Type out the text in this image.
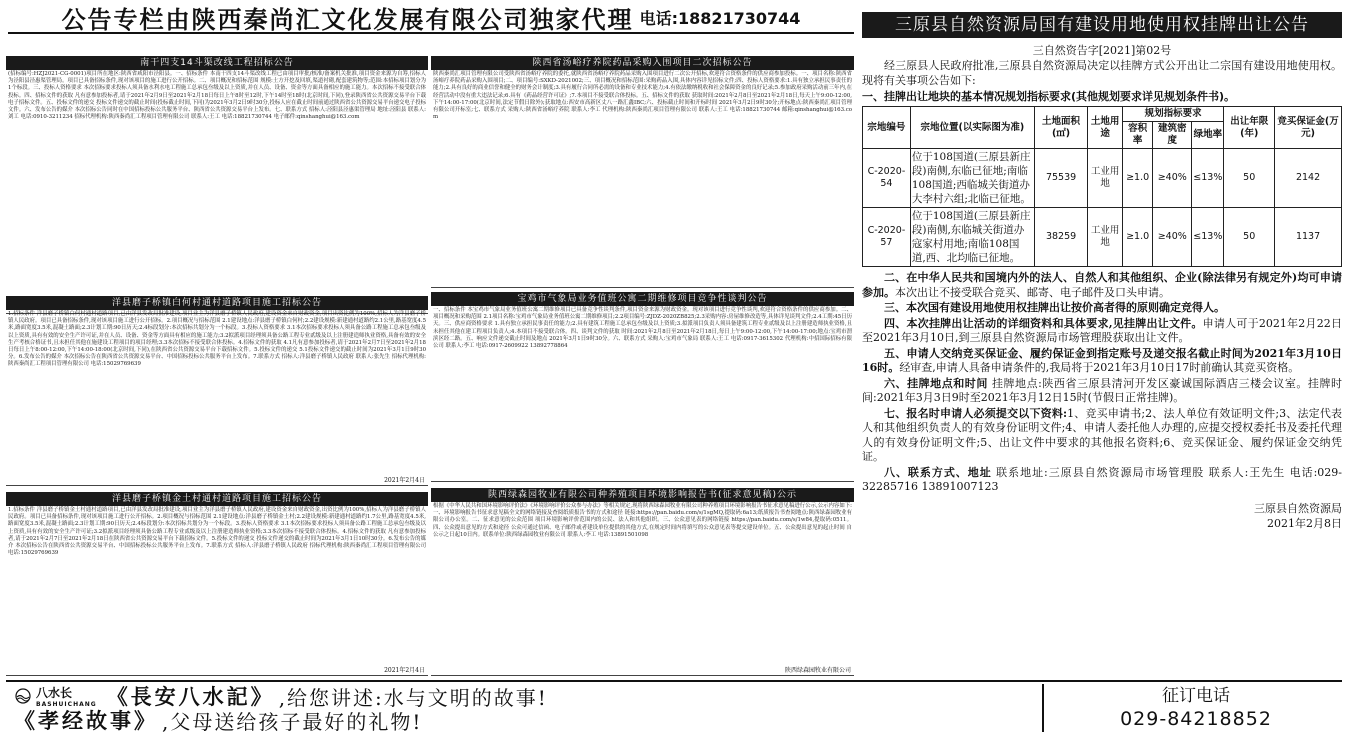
公告专栏由陕西秦尚汇文化发展有限公司独家代理 电话:18821730744
南干四支14斗渠改线工程招标公告
(招标编号:HZJ2021-CG-0001)项目所在地区:陕西省咸阳市泾阳县。一、招标条件 本南干四支14斗渠改线工程已由项目审批/核准/备案机关批准,项目资金来源为自筹,招标人为泾阳县泾惠渠管理局。项目已具备招标条件,现对该项目的施工进行公开招标。二、项目概况和招标范围 规模:土方开挖及回填,渠道衬砌,配套建筑物等;范围:本招标项目划分为1个标段。三、投标人资格要求 本次招标要求投标人须具备水利水电工程施工总承包叁级及以上资质,并在人员、设备、资金等方面具备相应的施工能力。本次招标不接受联合体投标。四、招标文件的获取 凡有意参加投标者,请于2021年2月9日至2021年2月18日每日上午8时至12时,下午14时至18时(北京时间,下同),登录陕西省公共资源交易平台下载电子招标文件。五、投标文件的递交 投标文件递交的截止时间(投标截止时间,下同)为2021年3月2日9时30分,投标人应在截止时间前通过陕西省公共资源交易平台递交电子投标文件。六、发布公告的媒介 本次招标公告同时在中国招标投标公共服务平台、陕西省公共资源交易平台上发布。七、联系方式 招标人:泾阳县泾惠渠管理局 地址:泾阳县 联系人:刘工 电话:0910-3211234 招标代理机构:陕西秦尚汇工程项目管理有限公司 联系人:王工 电话:18821730744 电子邮件:qinshanghui@163.com
洋县磨子桥镇白何村通村道路项目施工招标公告
1.招标条件 洋县磨子桥镇白何村通村道路项目,已由洋县发改局批准建设,项目业主为洋县磨子桥镇人民政府,建设资金来自财政资金,项目出资比例为100%,招标人为洋县磨子桥镇人民政府。项目已具备招标条件,现对该项目施工进行公开招标。2.项目概况与招标范围 2.1建设地点:洋县磨子桥镇白何村;2.2建设规模:新建通村道路约2.1公里,路基宽度4.5米,路面宽度3.5米,混凝土路面;2.3计划工期:90日历天;2.4标段划分:本次招标共划分为一个标段。3.投标人资格要求 3.1本次招标要求投标人须具备公路工程施工总承包叁级及以上资质,具有有效的安全生产许可证,并在人员、设备、资金等方面具有相应的施工能力;3.2拟派项目经理须具备公路工程专业贰级及以上注册建造师执业资格,具备有效的安全生产考核合格证书,且未担任其他在施建设工程项目的项目经理;3.3本次招标不接受联合体投标。4.招标文件的获取 4.1凡有意参加投标者,请于2021年2月7日至2021年2月18日每日上午8:00-12:00,下午14:00-18:00(北京时间,下同),在陕西省公共资源交易平台下载招标文件。5.投标文件的递交 5.1投标文件递交的截止时间为2021年3月1日9时30分。6.发布公告的媒介 本次招标公告在陕西省公共资源交易平台、中国招标投标公共服务平台上发布。7.联系方式 招标人:洋县磨子桥镇人民政府 联系人:张先生 招标代理机构:陕西秦尚汇工程项目管理有限公司 电话:15029769639
2021年2月4日
洋县磨子桥镇金土村通村道路项目施工招标公告
1.招标条件 洋县磨子桥镇金土村通村道路项目,已由洋县发改局批准建设,项目业主为洋县磨子桥镇人民政府,建设资金来自财政资金,出资比例为100%,招标人为洋县磨子桥镇人民政府。项目已具备招标条件,现对该项目施工进行公开招标。2.项目概况与招标范围 2.1建设地点:洋县磨子桥镇金土村;2.2建设规模:新建通村道路约1.7公里,路基宽度4.5米,路面宽度3.5米,混凝土路面;2.3计划工期:90日历天;2.4标段划分:本次招标共划分为一个标段。3.投标人资格要求 3.1本次招标要求投标人须具备公路工程施工总承包叁级及以上资质,具有有效的安全生产许可证;3.2拟派项目经理须具备公路工程专业贰级及以上注册建造师执业资格;3.3本次招标不接受联合体投标。4.招标文件的获取 凡有意参加投标者,请于2021年2月7日至2021年2月18日在陕西省公共资源交易平台下载招标文件。5.投标文件的递交 投标文件递交的截止时间为2021年3月1日10时30分。6.发布公告的媒介 本次招标公告在陕西省公共资源交易平台、中国招标投标公共服务平台上发布。7.联系方式 招标人:洋县磨子桥镇人民政府 招标代理机构:陕西秦尚汇工程项目管理有限公司 电话:15029769639
2021年2月4日
陕西省汤峪疗养院药品采购入围项目二次招标公告
陕西秦尚汇项目管理有限公司受陕西省汤峪疗养院的委托,就陕西省汤峪疗养院药品采购入围项目进行二次公开招标,欢迎符合资格条件的供应商参加投标。一、项目名称:陕西省汤峪疗养院药品采购入围项目;二、项目编号:SXKD-2021002;三、项目概况和招标范围:采购药品入围,具体内容详见招标文件;四、投标人资格要求:1.具有独立承担民事责任的能力;2.具有良好的商业信誉和健全的财务会计制度;3.具有履行合同所必需的设备和专业技术能力;4.有依法缴纳税收和社会保障资金的良好记录;5.参加政府采购活动前三年内,在经营活动中没有重大违法记录;6.具有《药品经营许可证》;7.本项目不接受联合体投标。五、招标文件的获取 获取时间:2021年2月8日至2021年2月18日,每天上午9:00-12:00,下午14:00-17:00(北京时间,法定节假日除外);获取地点:西安市高新区丈八一路汇鑫IBC;六、投标截止时间和开标时间 2021年3月2日9时30分;开标地点:陕西秦尚汇项目管理有限公司开标室;七、联系方式 采购人:陕西省汤峪疗养院 联系人:李工 代理机构:陕西秦尚汇项目管理有限公司 联系人:王工 电话:18821730744 邮箱:qinshanghui@163.com
宝鸡市气象局业务值班公寓二期维修项目竞争性谈判公告
一、招标条件 本宝鸡市气象局业务值班公寓二期维修项目已具备竞争性谈判条件,项目资金来源为财政资金。现对该项目进行竞争性谈判,欢迎符合资格条件的供应商参加。二、项目概况和采购范围 2.1项目名称:宝鸡市气象局业务值班公寓二期维修项目;2.2项目编号:ZJDZ-2020ZB825;2.3采购内容:房屋维修改造等,具体详见谈判文件;2.4工期:45日历天。三、供应商资格要求 1.具有独立承担民事责任的能力;2.具有建筑工程施工总承包叁级及以上资质;3.拟派项目负责人须具备建筑工程专业贰级及以上注册建造师执业资格,且未担任其他在建工程项目负责人;4.本项目不接受联合体。四、谈判文件的获取 时间:2021年2月8日至2021年2月18日,每日上午9:00-12:00,下午14:00-17:00;地点:宝鸡市渭滨区经二路。五、响应文件递交截止时间及地点 2021年3月1日9时30分。六、联系方式 采购人:宝鸡市气象局 联系人:王工 电话:0917-3615302 代理机构:中招国际招标有限公司 联系人:李工 电话:0917-2609922 13892778864
陕西绿森园牧业有限公司种养殖项目环境影响报告书(征求意见稿)公示
根据《中华人民共和国环境影响评价法》《环境影响评价公众参与办法》等相关规定,现将陕西绿森园牧业有限公司种养殖项目环境影响报告书征求意见稿进行公示,公示内容如下:一、环境影响报告书征求意见稿全文的网络链接及查阅纸质报告书的方式和途径 链接:https://pan.baidu.com/s/1sgMQ,提取码:6a13;纸质报告书查阅地点:陕西绿森园牧业有限公司办公室。二、征求意见的公众范围 项目环境影响评价范围内的公民、法人和其他组织。三、公众意见表的网络链接 https://pan.baidu.com/s/1w84,提取码:0511。四、公众提出意见的方式和途径 公众可通过信函、电子邮件或者建设单位提供的其他方式,在规定时间内将填写的公众意见表等提交建设单位。五、公众提出意见的起止时间 自公示之日起10日内。联系单位:陕西绿森园牧业有限公司 联系人:李工 电话:13891501098
陕西绿森园牧业有限公司
三原县自然资源局国有建设用地使用权挂牌出让公告
三自然资告字[2021]第02号
经三原县人民政府批准,三原县自然资源局决定以挂牌方式公开出让二宗国有建设用地使用权。现将有关事项公告如下:
一、挂牌出让地块的基本情况规划指标要求(其他规划要求详见规划条件书)。
宗地编号	宗地位置(以实际图为准)	土地面积(㎡)	土地用途	规划指标要求			出让年限(年)	竞买保证金(万元)
				容积率	建筑密度	绿地率		
C-2020-54	位于108国道(三原县新庄段)南侧,东临已征地;南临108国道;西临城关街道办大李村六组;北临已征地。	75539	工业用地	≥1.0	≥40%	≤13%	50	2142
C-2020-57	位于108国道(三原县新庄段)南侧,东临城关街道办寇家村用地;南临108国道,西、北均临已征地。	38259	工业用地	≥1.0	≥40%	≤13%	50	1137
二、在中华人民共和国境内外的法人、自然人和其他组织、企业(除法律另有规定外)均可申请参加。本次出让不接受联合竞买、邮寄、电子邮件及口头申请。
三、本次国有建设用地使用权挂牌出让按价高者得的原则确定竞得人。
四、本次挂牌出让活动的详细资料和具体要求,见挂牌出让文件。申请人可于2021年2月22日至2021年3月10日,到三原县自然资源局市场管理股获取出让文件。
五、申请人交纳竞买保证金、履约保证金到指定账号及递交报名截止时间为2021年3月10日16时。经审查,申请人具备申请条件的,我局将于2021年3月10日17时前确认其竞买资格。
六、挂牌地点和时间 挂牌地点:陕西省三原县清河开发区豪诚国际酒店三楼会议室。挂牌时间:2021年3月3日9时至2021年3月12日15时(节假日正常挂牌)。
七、报名时申请人必须提交以下资料:1、竞买申请书;2、法人单位有效证明文件;3、法定代表人和其他组织负责人的有效身份证明文件;4、申请人委托他人办理的,应提交授权委托书及委托代理人的有效身份证明文件;5、出让文件中要求的其他报名资料;6、竞买保证金、履约保证金交纳凭证。
八、联系方式、地址 联系地址:三原县自然资源局市场管理股 联系人:王先生 电话:029-32285716 13891007123
三原县自然资源局
2021年2月8日
八水长
BASHUICHANG 《長安八水記》 ,给您讲述:水与文明的故事!
《孝经故事》 ,父母送给孩子最好的礼物!
征订电话
029-84218852
